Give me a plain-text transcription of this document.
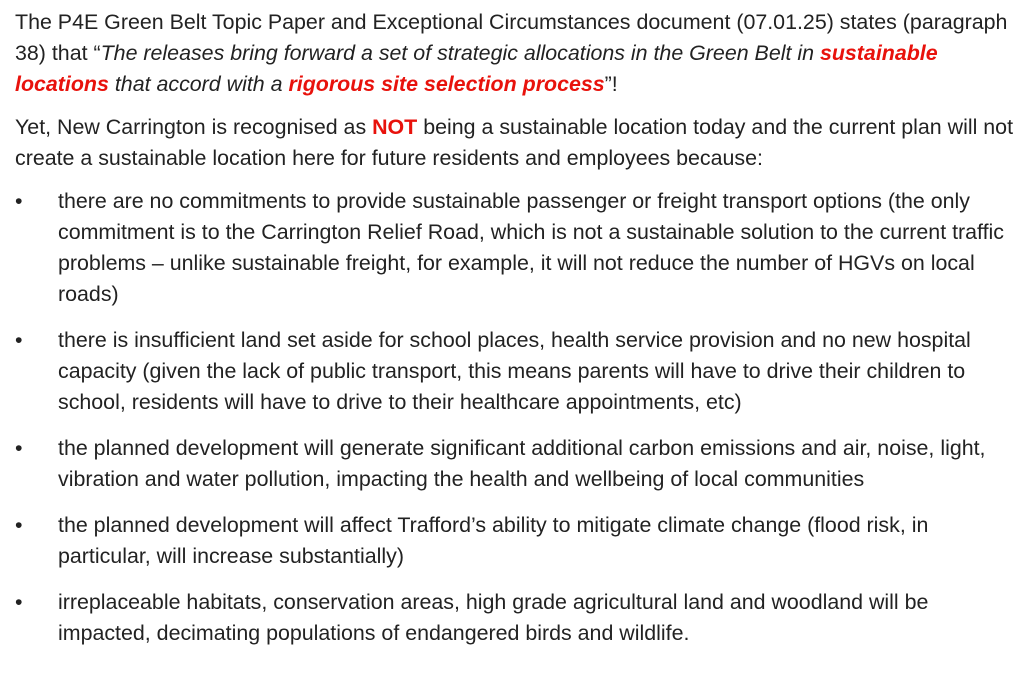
The P4E Green Belt Topic Paper and Exceptional Circumstances document (07.01.25) states (paragraph 38) that “The releases bring forward a set of strategic allocations in the Green Belt in sustainable locations that accord with a rigorous site selection process”!

Yet, New Carrington is recognised as NOT being a sustainable location today and the current plan will not create a sustainable location here for future residents and employees because:

•	there are no commitments to provide sustainable passenger or freight transport options (the only commitment is to the Carrington Relief Road, which is not a sustainable solution to the current traffic problems – unlike sustainable freight, for example, it will not reduce the number of HGVs on local roads)
•	there is insufficient land set aside for school places, health service provision and no new hospital capacity (given the lack of public transport, this means parents will have to drive their children to school, residents will have to drive to their healthcare appointments, etc)
•	the planned development will generate significant additional carbon emissions and air, noise, light, vibration and water pollution, impacting the health and wellbeing of local communities
•	the planned development will affect Trafford’s ability to mitigate climate change (flood risk, in particular, will increase substantially)
•	irreplaceable habitats, conservation areas, high grade agricultural land and woodland will be impacted, decimating populations of endangered birds and wildlife.
